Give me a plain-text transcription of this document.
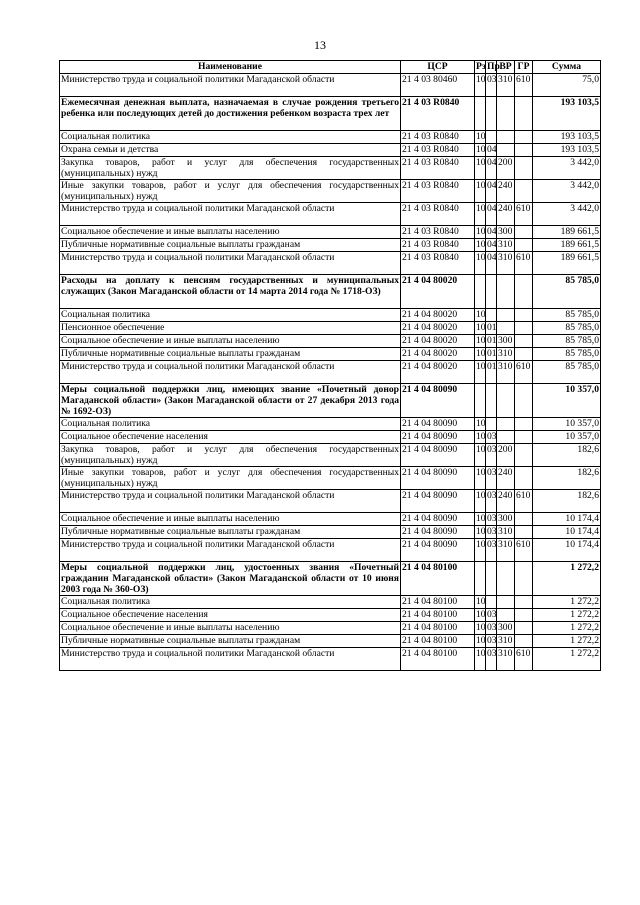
13
Наименование	ЦСР	Рз	Пр	ВР	ГР	Сумма
Министерство труда и социальной политики Магаданской области	21 4 03 80460	10	03	310	610	75,0
Ежемесячная денежная выплата, назначаемая в случае рождения третьего ребенка или последующих детей до достижения ребенком возраста трех лет	21 4 03 R0840					193 103,5
Социальная политика	21 4 03 R0840	10				193 103,5
Охрана семьи и детства	21 4 03 R0840	10	04			193 103,5
Закупка товаров, работ и услуг для обеспечения государственных (муниципальных) нужд	21 4 03 R0840	10	04	200		3 442,0
Иные закупки товаров, работ и услуг для обеспечения государственных (муниципальных) нужд	21 4 03 R0840	10	04	240		3 442,0
Министерство труда и социальной политики Магаданской области	21 4 03 R0840	10	04	240	610	3 442,0
Социальное обеспечение и иные выплаты населению	21 4 03 R0840	10	04	300		189 661,5
Публичные нормативные социальные выплаты гражданам	21 4 03 R0840	10	04	310		189 661,5
Министерство труда и социальной политики Магаданской области	21 4 03 R0840	10	04	310	610	189 661,5
Расходы на доплату к пенсиям государственных и муниципальных служащих (Закон Магаданской области от 14 марта 2014 года № 1718-ОЗ)	21 4 04 80020					85 785,0
Социальная политика	21 4 04 80020	10				85 785,0
Пенсионное обеспечение	21 4 04 80020	10	01			85 785,0
Социальное обеспечение и иные выплаты населению	21 4 04 80020	10	01	300		85 785,0
Публичные нормативные социальные выплаты гражданам	21 4 04 80020	10	01	310		85 785,0
Министерство труда и социальной политики Магаданской области	21 4 04 80020	10	01	310	610	85 785,0
Меры социальной поддержки лиц, имеющих звание «Почетный донор Магаданской области» (Закон Магаданской области от 27 декабря 2013 года № 1692-ОЗ)	21 4 04 80090					10 357,0
Социальная политика	21 4 04 80090	10				10 357,0
Социальное обеспечение населения	21 4 04 80090	10	03			10 357,0
Закупка товаров, работ и услуг для обеспечения государственных (муниципальных) нужд	21 4 04 80090	10	03	200		182,6
Иные закупки товаров, работ и услуг для обеспечения государственных (муниципальных) нужд	21 4 04 80090	10	03	240		182,6
Министерство труда и социальной политики Магаданской области	21 4 04 80090	10	03	240	610	182,6
Социальное обеспечение и иные выплаты населению	21 4 04 80090	10	03	300		10 174,4
Публичные нормативные социальные выплаты гражданам	21 4 04 80090	10	03	310		10 174,4
Министерство труда и социальной политики Магаданской области	21 4 04 80090	10	03	310	610	10 174,4
Меры социальной поддержки лиц, удостоенных звания «Почетный гражданин Магаданской области» (Закон Магаданской области от 10 июня 2003 года № 360-ОЗ)	21 4 04 80100					1 272,2
Социальная политика	21 4 04 80100	10				1 272,2
Социальное обеспечение населения	21 4 04 80100	10	03			1 272,2
Социальное обеспечение и иные выплаты населению	21 4 04 80100	10	03	300		1 272,2
Публичные нормативные социальные выплаты гражданам	21 4 04 80100	10	03	310		1 272,2
Министерство труда и социальной политики Магаданской области	21 4 04 80100	10	03	310	610	1 272,2
